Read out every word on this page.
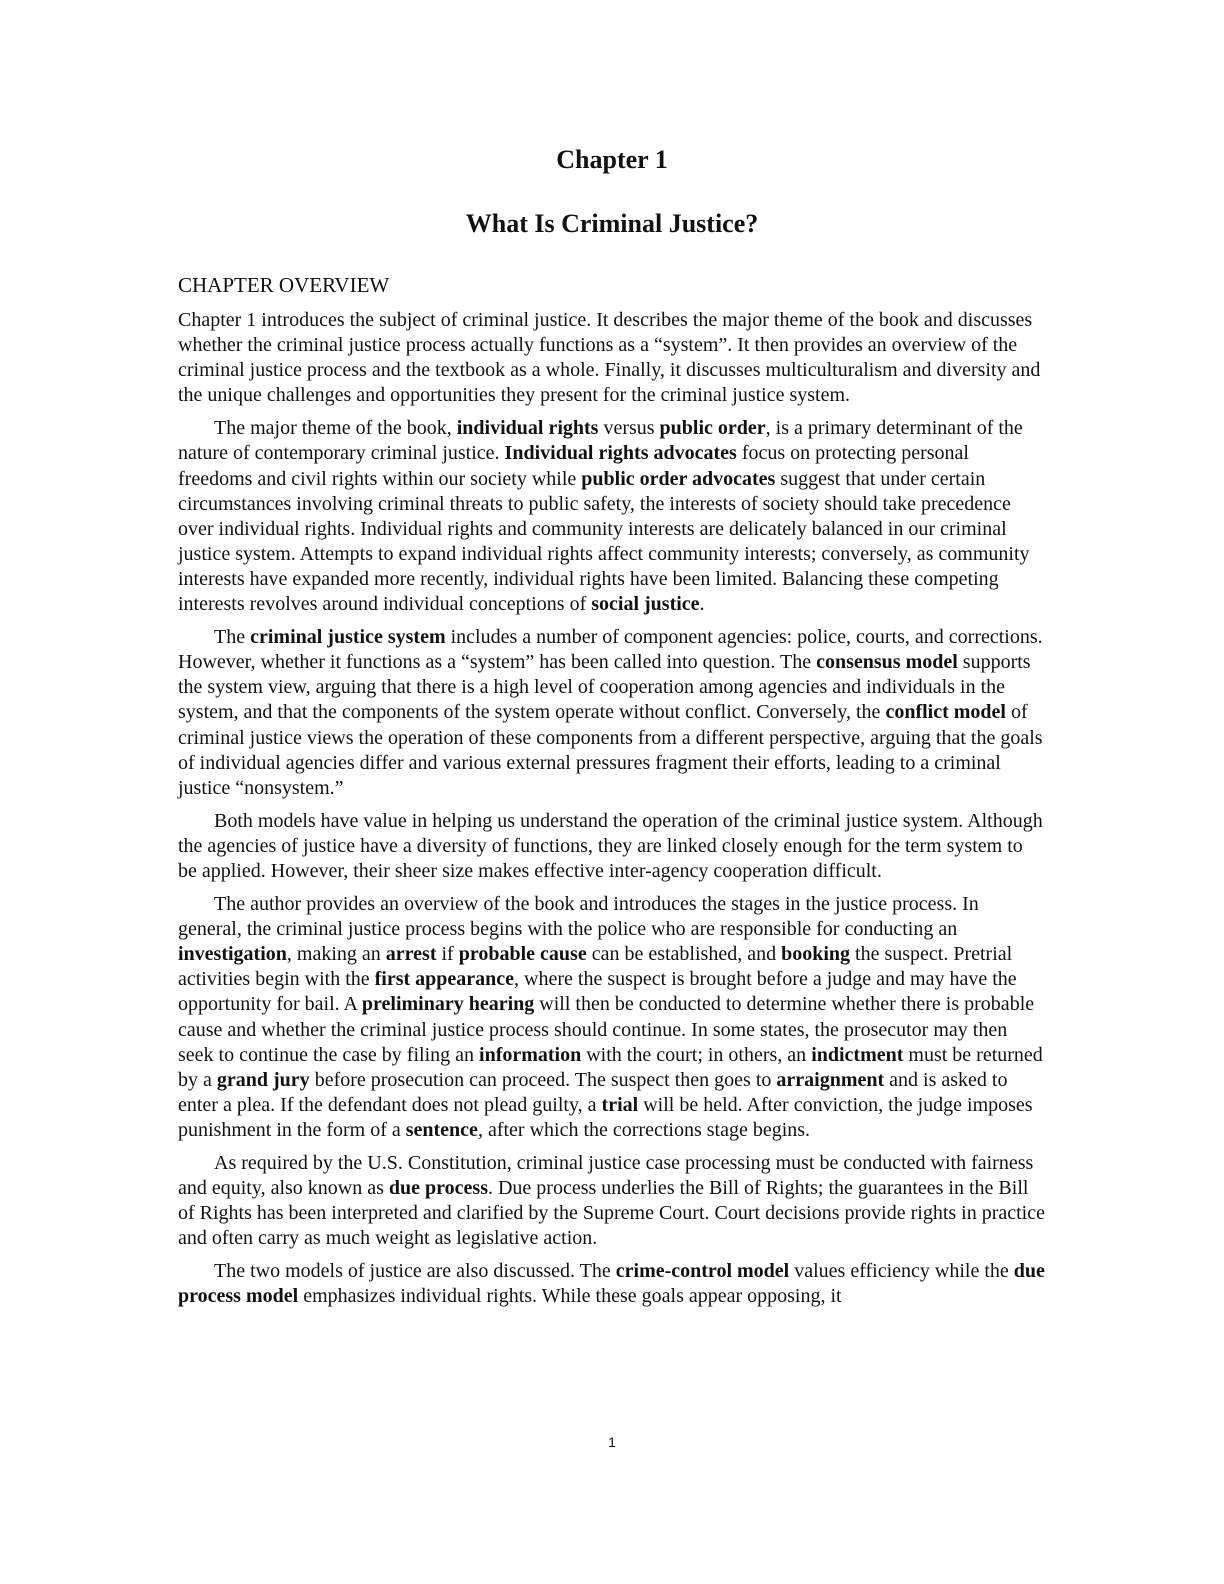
Chapter 1
What Is Criminal Justice?
CHAPTER OVERVIEW

Chapter 1 introduces the subject of criminal justice. It describes the major theme of the book and discusses whether the criminal justice process actually functions as a “system”. It then provides an overview of the criminal justice process and the textbook as a whole. Finally, it discusses multiculturalism and diversity and the unique challenges and opportunities they present for the criminal justice system.

The major theme of the book, individual rights versus public order, is a primary determinant of the nature of contemporary criminal justice. Individual rights advocates focus on protecting personal freedoms and civil rights within our society while public order advocates suggest that under certain circumstances involving criminal threats to public safety, the interests of society should take precedence over individual rights. Individual rights and community interests are delicately balanced in our criminal justice system. Attempts to expand individual rights affect community interests; conversely, as community interests have expanded more recently, individual rights have been limited. Balancing these competing interests revolves around individual conceptions of social justice.

The criminal justice system includes a number of component agencies: police, courts, and corrections. However, whether it functions as a “system” has been called into question. The consensus model supports the system view, arguing that there is a high level of cooperation among agencies and individuals in the system, and that the components of the system operate without conflict. Conversely, the conflict model of criminal justice views the operation of these components from a different perspective, arguing that the goals of individual agencies differ and various external pressures fragment their efforts, leading to a criminal justice “nonsystem.”

Both models have value in helping us understand the operation of the criminal justice system. Although the agencies of justice have a diversity of functions, they are linked closely enough for the term system to be applied. However, their sheer size makes effective inter-agency cooperation difficult.

The author provides an overview of the book and introduces the stages in the justice process. In general, the criminal justice process begins with the police who are responsible for conducting an investigation, making an arrest if probable cause can be established, and booking the suspect. Pretrial activities begin with the first appearance, where the suspect is brought before a judge and may have the opportunity for bail. A preliminary hearing will then be conducted to determine whether there is probable cause and whether the criminal justice process should continue. In some states, the prosecutor may then seek to continue the case by filing an information with the court; in others, an indictment must be returned by a grand jury before prosecution can proceed. The suspect then goes to arraignment and is asked to enter a plea. If the defendant does not plead guilty, a trial will be held. After conviction, the judge imposes punishment in the form of a sentence, after which the corrections stage begins.

As required by the U.S. Constitution, criminal justice case processing must be conducted with fairness and equity, also known as due process. Due process underlies the Bill of Rights; the guarantees in the Bill of Rights has been interpreted and clarified by the Supreme Court. Court decisions provide rights in practice and often carry as much weight as legislative action.

The two models of justice are also discussed. The crime-control model values efficiency while the due process model emphasizes individual rights. While these goals appear opposing, it

1
